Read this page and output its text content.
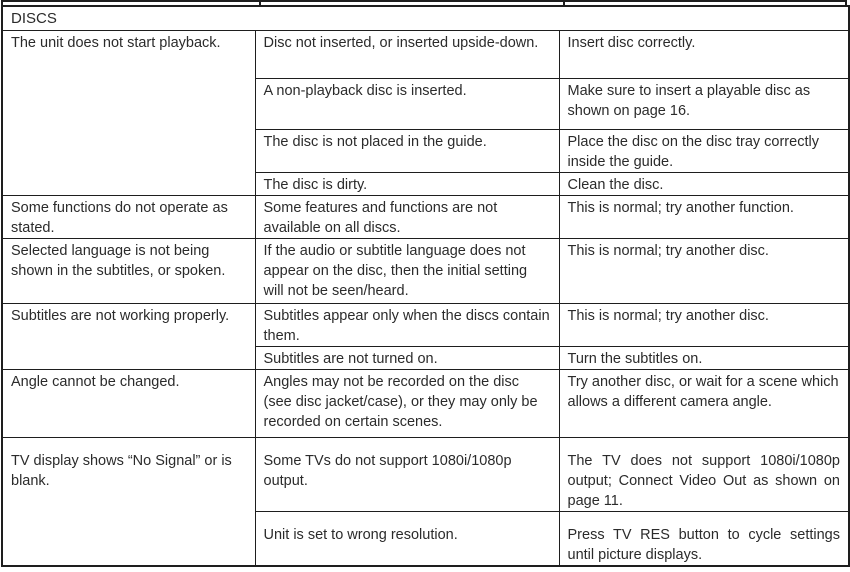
DISCS		
The unit does not start playback.	Disc not inserted, or inserted upside-down.	Insert disc correctly.
	A non-playback disc is inserted.	Make sure to insert a playable disc as shown on page 16.
	The disc is not placed in the guide.	Place the disc on the disc tray correctly inside the guide.
	The disc is dirty.	Clean the disc.
Some functions do not operate as stated.	Some features and functions are not available on all discs.	This is normal; try another function.
Selected language is not being shown in the subtitles, or spoken.	If the audio or subtitle language does not appear on the disc, then the initial setting will not be seen/heard.	This is normal; try another disc.
Subtitles are not working properly.	Subtitles appear only when the discs contain them.	This is normal; try another disc.
	Subtitles are not turned on.	Turn the subtitles on.
Angle cannot be changed.	Angles may not be recorded on the disc (see disc jacket/case), or they may only be recorded on certain scenes.	Try another disc, or wait for a scene which allows a different camera angle.
TV display shows “No Signal” or is blank.	Some TVs do not support 1080i/1080p output.	The TV does not support 1080i/1080p output; Connect Video Out as shown on page 11.
	Unit is set to wrong resolution.	Press TV RES button to cycle settings until picture displays.
